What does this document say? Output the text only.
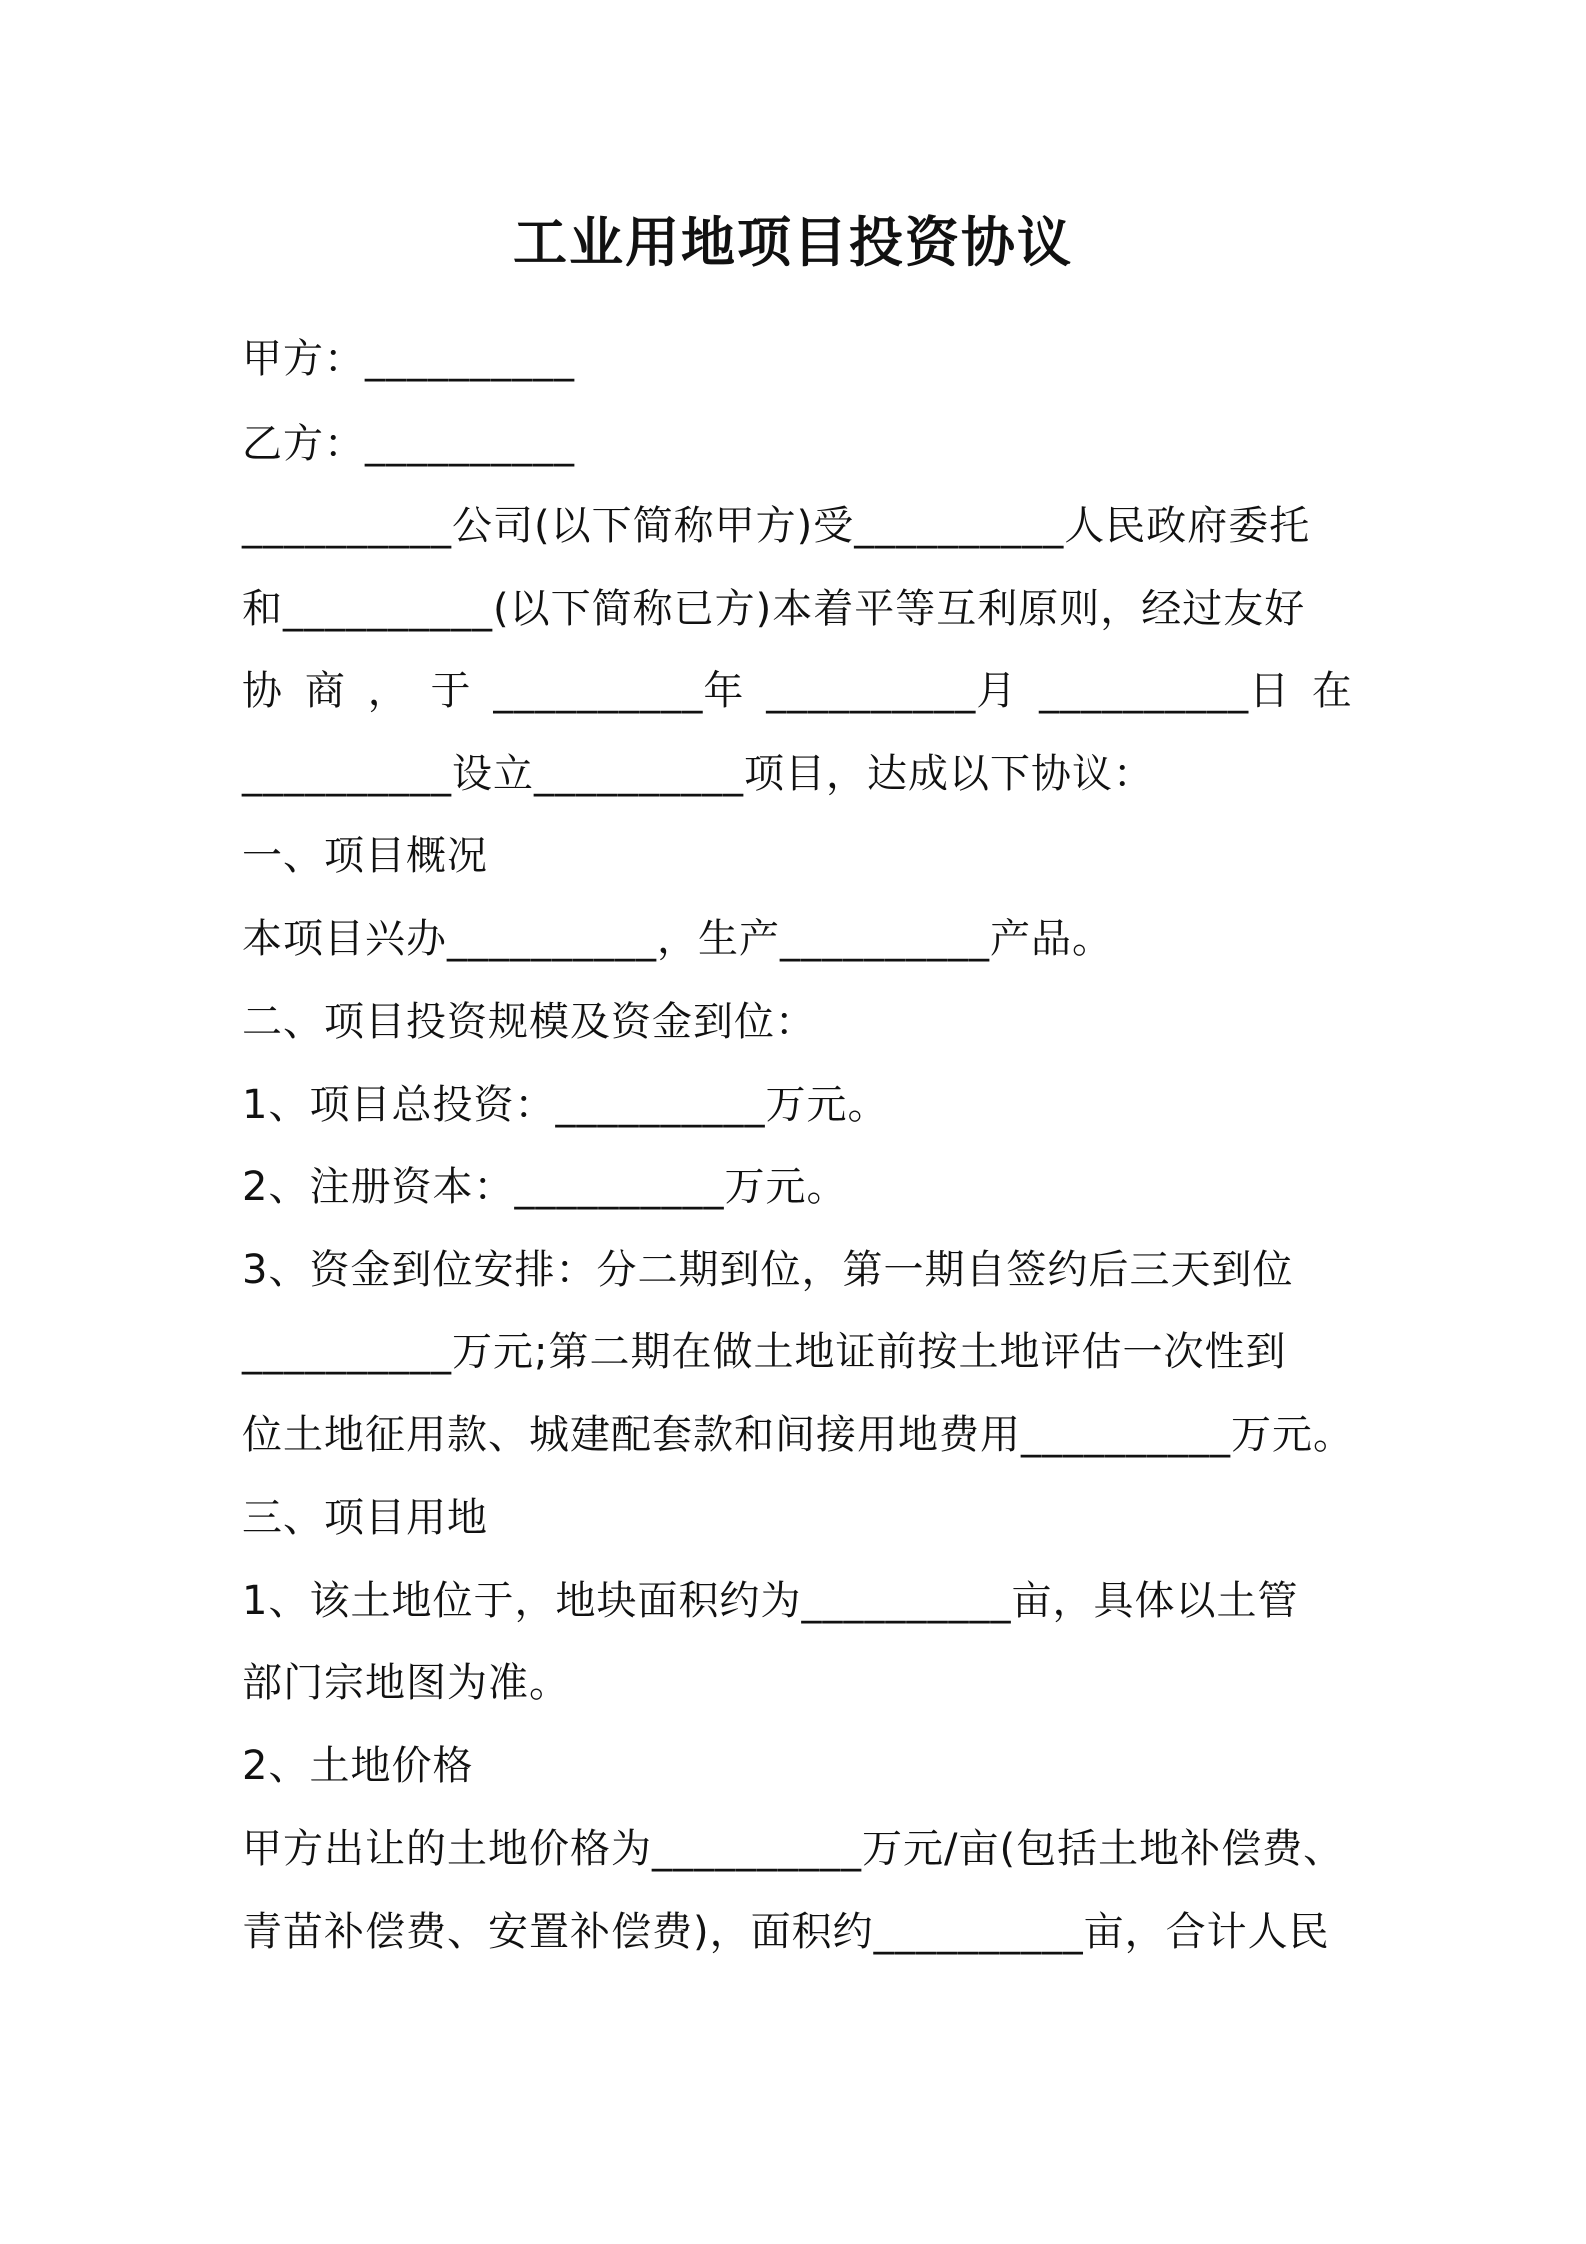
工业用地项目投资协议
甲方：__________
乙方：__________
__________公司(以下简称甲方)受__________人民政府委托
和__________(以下简称已方)本着平等互利原则，经过友好
协 商 ， 于 __________年 __________月 __________日 在
__________设立__________项目，达成以下协议：
一、项目概况
本项目兴办__________，生产__________产品。
二、项目投资规模及资金到位：
1、项目总投资：__________万元。
2、注册资本：__________万元。
3、资金到位安排：分二期到位，第一期自签约后三天到位
__________万元;第二期在做土地证前按土地评估一次性到
位土地征用款、城建配套款和间接用地费用__________万元。
三、项目用地
1、该土地位于，地块面积约为__________亩，具体以土管
部门宗地图为准。
2、土地价格
甲方出让的土地价格为__________万元/亩(包括土地补偿费、
青苗补偿费、安置补偿费)，面积约__________亩，合计人民
